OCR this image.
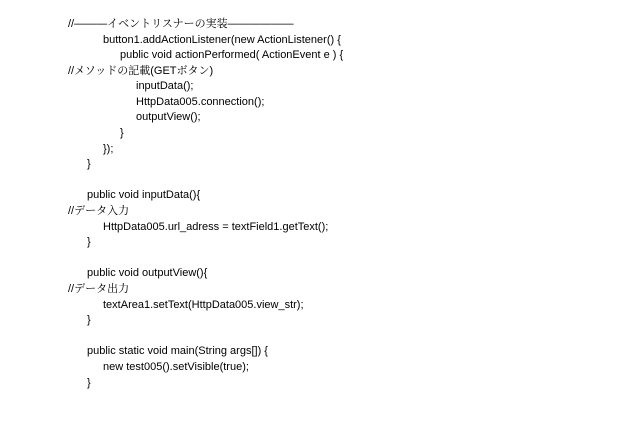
//―――イベントリスナーの実装――――――
button1.addActionListener(new ActionListener() {
public void actionPerformed( ActionEvent e ) {
//メソッドの記載(GETボタン)
inputData();
HttpData005.connection();
outputView();
}
});
}
public void inputData(){
//データ入力
HttpData005.url_adress = textField1.getText();
}
public void outputView(){
//データ出力
textArea1.setText(HttpData005.view_str);
}
public static void main(String args[]) {
new test005().setVisible(true);
}
